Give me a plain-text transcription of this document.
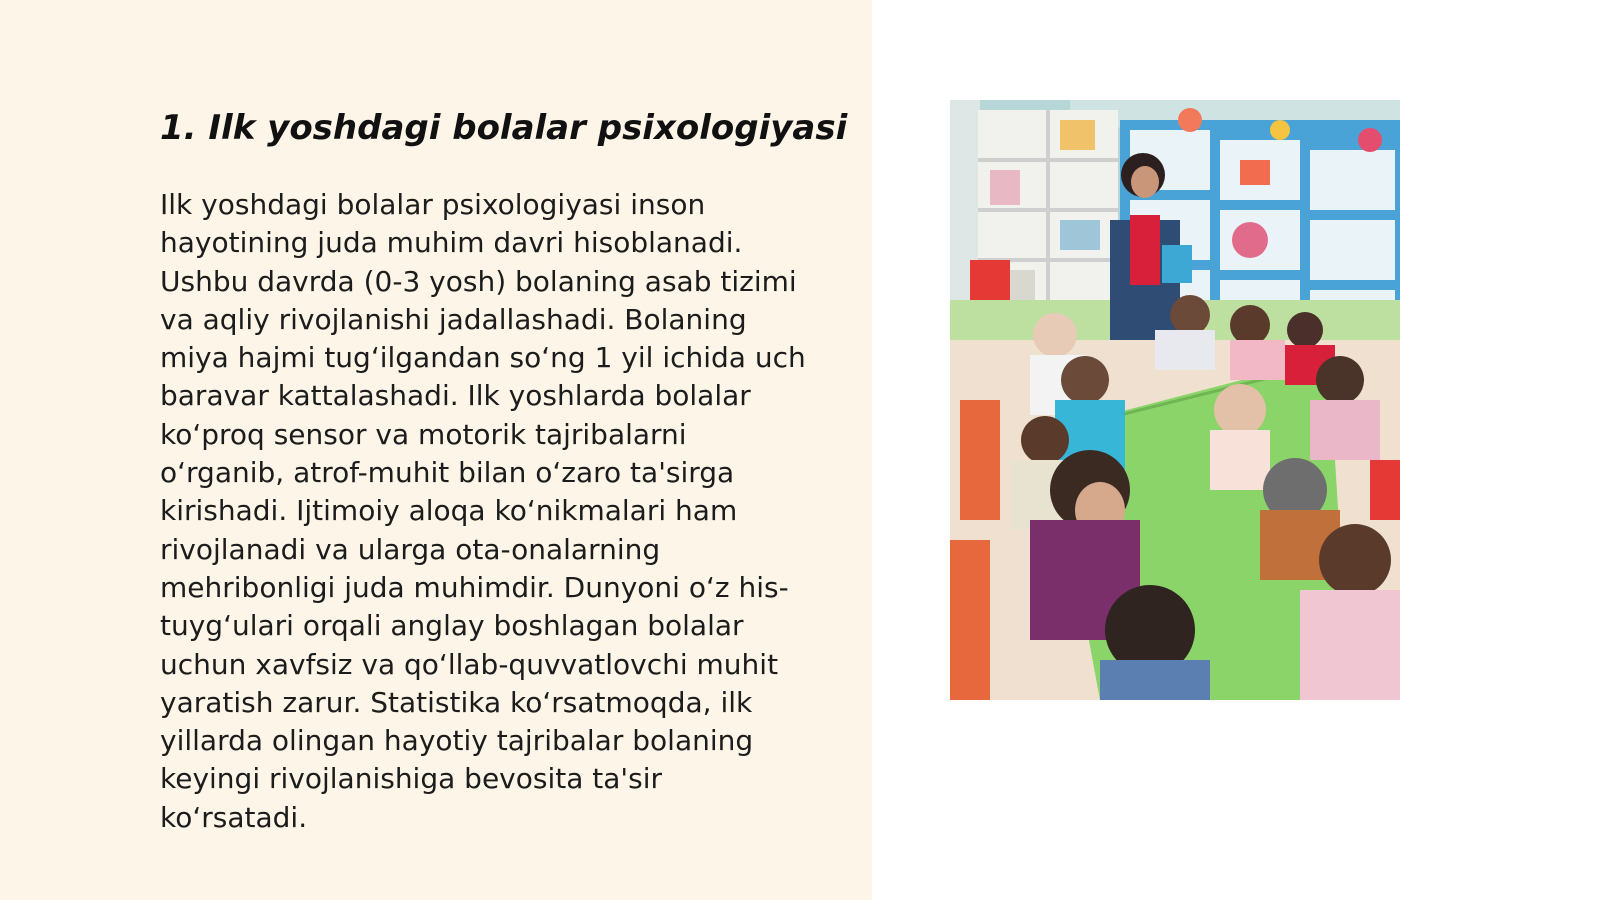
1. Ilk yoshdagi bolalar psixologiyasi
Ilk yoshdagi bolalar psixologiyasi inson
hayotining juda muhim davri hisoblanadi.
Ushbu davrda (0-3 yosh) bolaning asab tizimi
va aqliy rivojlanishi jadallashadi. Bolaning
miya hajmi tug‘ilgandan so‘ng 1 yil ichida uch
baravar kattalashadi. Ilk yoshlarda bolalar
ko‘proq sensor va motorik tajribalarni
o‘rganib, atrof-muhit bilan o‘zaro ta'sirga
kirishadi. Ijtimoiy aloqa ko‘nikmalari ham
rivojlanadi va ularga ota-onalarning
mehribonligi juda muhimdir. Dunyoni o‘z his-
tuyg‘ulari orqali anglay boshlagan bolalar
uchun xavfsiz va qo‘llab-quvvatlovchi muhit
yaratish zarur. Statistika ko‘rsatmoqda, ilk
yillarda olingan hayotiy tajribalar bolaning
keyingi rivojlanishiga bevosita ta'sir
ko‘rsatadi.
